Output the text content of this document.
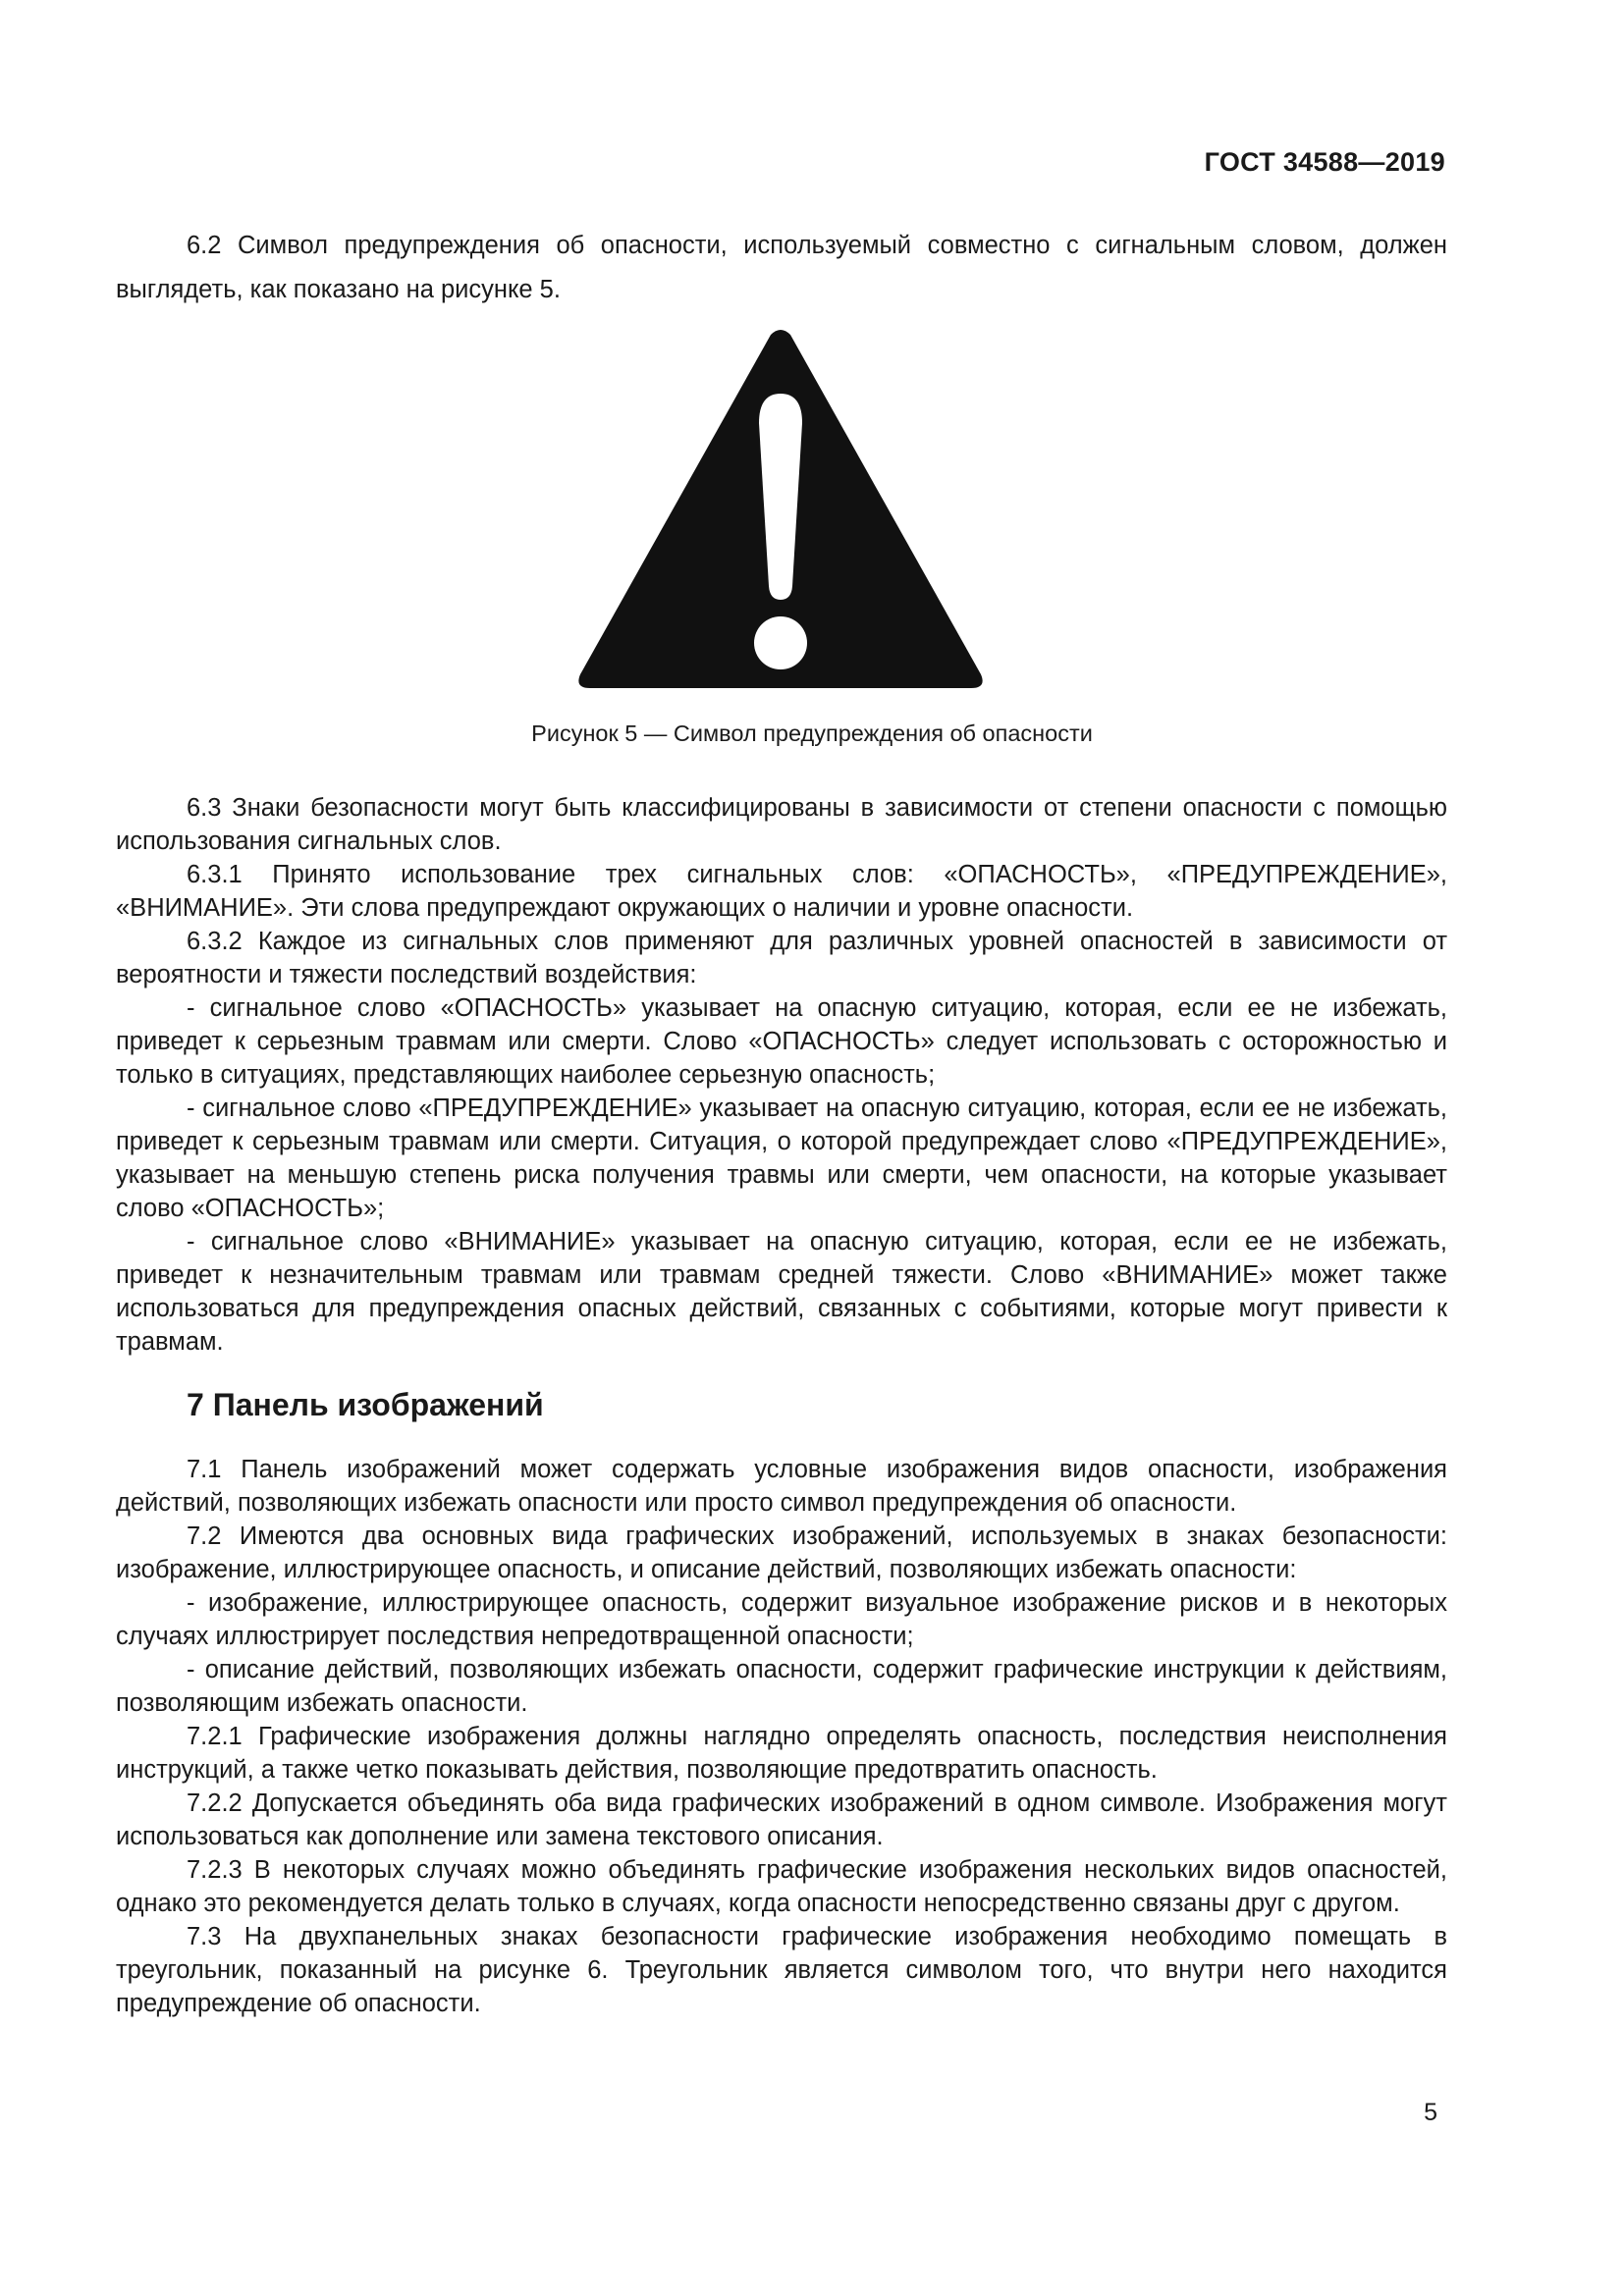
ГОСТ 34588—2019

6.2 Символ предупреждения об опасности, используемый совместно с сигнальным словом, должен выглядеть, как показано на рисунке 5.

Рисунок 5 — Символ предупреждения об опасности

6.3 Знаки безопасности могут быть классифицированы в зависимости от степени опасности с помощью использования сигнальных слов.

6.3.1 Принято использование трех сигнальных слов: «ОПАСНОСТЬ», «ПРЕДУПРЕЖДЕНИЕ», «ВНИМАНИЕ». Эти слова предупреждают окружающих о наличии и уровне опасности.

6.3.2 Каждое из сигнальных слов применяют для различных уровней опасностей в зависимости от вероятности и тяжести последствий воздействия:

- сигнальное слово «ОПАСНОСТЬ» указывает на опасную ситуацию, которая, если ее не избежать, приведет к серьезным травмам или смерти. Слово «ОПАСНОСТЬ» следует использовать с осторожностью и только в ситуациях, представляющих наиболее серьезную опасность;

- сигнальное слово «ПРЕДУПРЕЖДЕНИЕ» указывает на опасную ситуацию, которая, если ее не избежать, приведет к серьезным травмам или смерти. Ситуация, о которой предупреждает слово «ПРЕДУПРЕЖДЕНИЕ», указывает на меньшую степень риска получения травмы или смерти, чем опасности, на которые указывает слово «ОПАСНОСТЬ»;

- сигнальное слово «ВНИМАНИЕ» указывает на опасную ситуацию, которая, если ее не избежать, приведет к незначительным травмам или травмам средней тяжести. Слово «ВНИМАНИЕ» может также использоваться для предупреждения опасных действий, связанных с событиями, которые могут привести к травмам.

7 Панель изображений

7.1 Панель изображений может содержать условные изображения видов опасности, изображения действий, позволяющих избежать опасности или просто символ предупреждения об опасности.

7.2 Имеются два основных вида графических изображений, используемых в знаках безопасности: изображение, иллюстрирующее опасность, и описание действий, позволяющих избежать опасности:

- изображение, иллюстрирующее опасность, содержит визуальное изображение рисков и в некоторых случаях иллюстрирует последствия непредотвращенной опасности;

- описание действий, позволяющих избежать опасности, содержит графические инструкции к действиям, позволяющим избежать опасности.

7.2.1 Графические изображения должны наглядно определять опасность, последствия неисполнения инструкций, а также четко показывать действия, позволяющие предотвратить опасность.

7.2.2 Допускается объединять оба вида графических изображений в одном символе. Изображения могут использоваться как дополнение или замена текстового описания.

7.2.3 В некоторых случаях можно объединять графические изображения нескольких видов опасностей, однако это рекомендуется делать только в случаях, когда опасности непосредственно связаны друг с другом.

7.3 На двухпанельных знаках безопасности графические изображения необходимо помещать в треугольник, показанный на рисунке 6. Треугольник является символом того, что внутри него находится предупреждение об опасности.

5
